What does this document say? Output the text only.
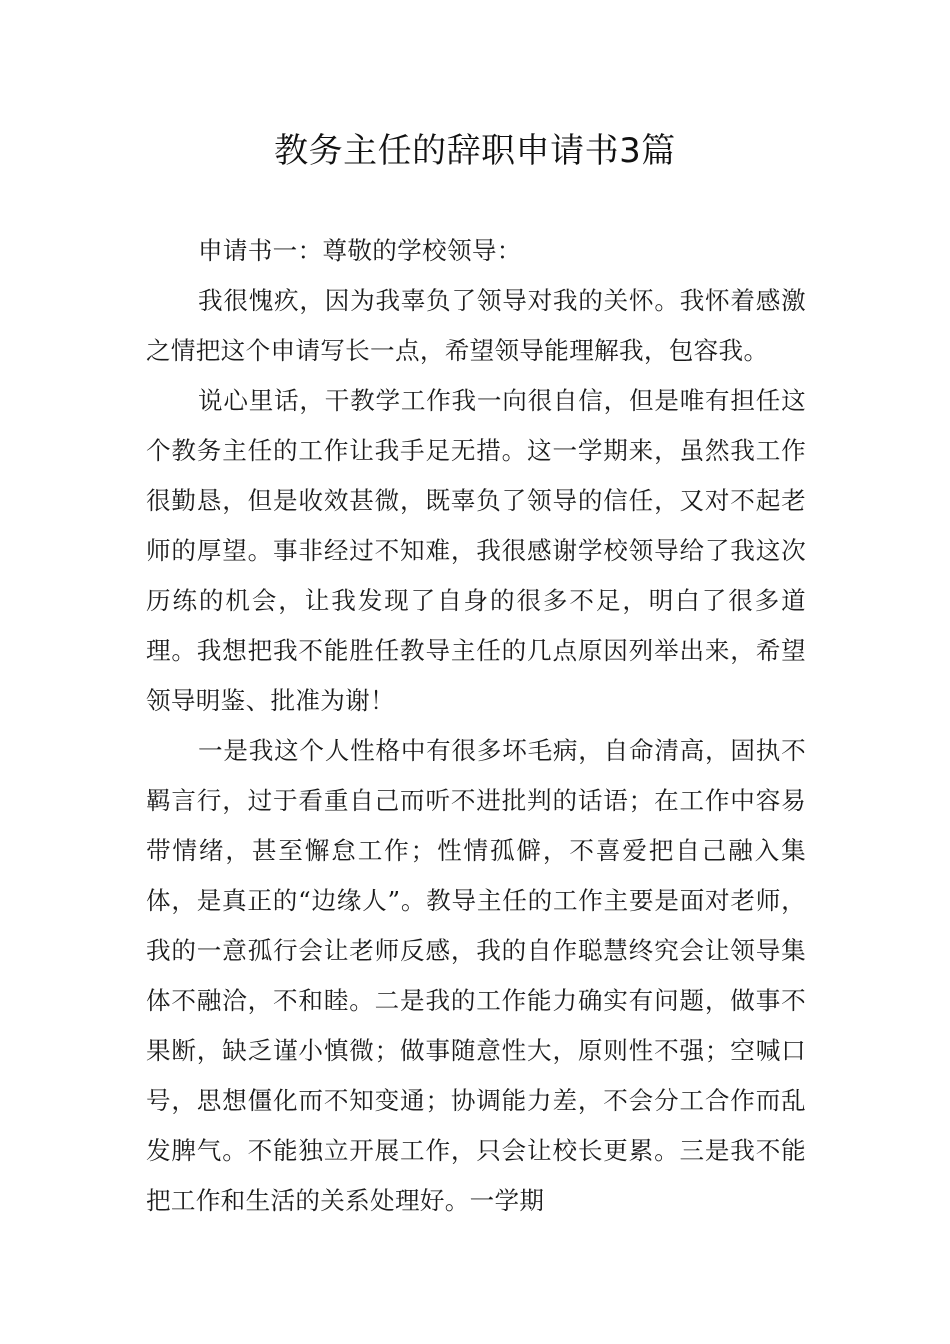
教务主任的辞职申请书3篇

申请书一：尊敬的学校领导：

我很愧疚，因为我辜负了领导对我的关怀。我怀着感激之情把这个申请写长一点，希望领导能理解我，包容我。

说心里话，干教学工作我一向很自信，但是唯有担任这个教务主任的工作让我手足无措。这一学期来，虽然我工作很勤恳，但是收效甚微，既辜负了领导的信任，又对不起老师的厚望。事非经过不知难，我很感谢学校领导给了我这次历练的机会，让我发现了自身的很多不足，明白了很多道理。我想把我不能胜任教导主任的几点原因列举出来，希望领导明鉴、批准为谢！

一是我这个人性格中有很多坏毛病，自命清高，固执不羁言行，过于看重自己而听不进批判的话语；在工作中容易带情绪，甚至懈怠工作；性情孤僻，不喜爱把自己融入集体，是真正的“边缘人”。教导主任的工作主要是面对老师，我的一意孤行会让老师反感，我的自作聪慧终究会让领导集体不融洽，不和睦。二是我的工作能力确实有问题，做事不果断，缺乏谨小慎微；做事随意性大，原则性不强；空喊口号，思想僵化而不知变通；协调能力差，不会分工合作而乱发脾气。不能独立开展工作，只会让校长更累。三是我不能把工作和生活的关系处理好。一学期
